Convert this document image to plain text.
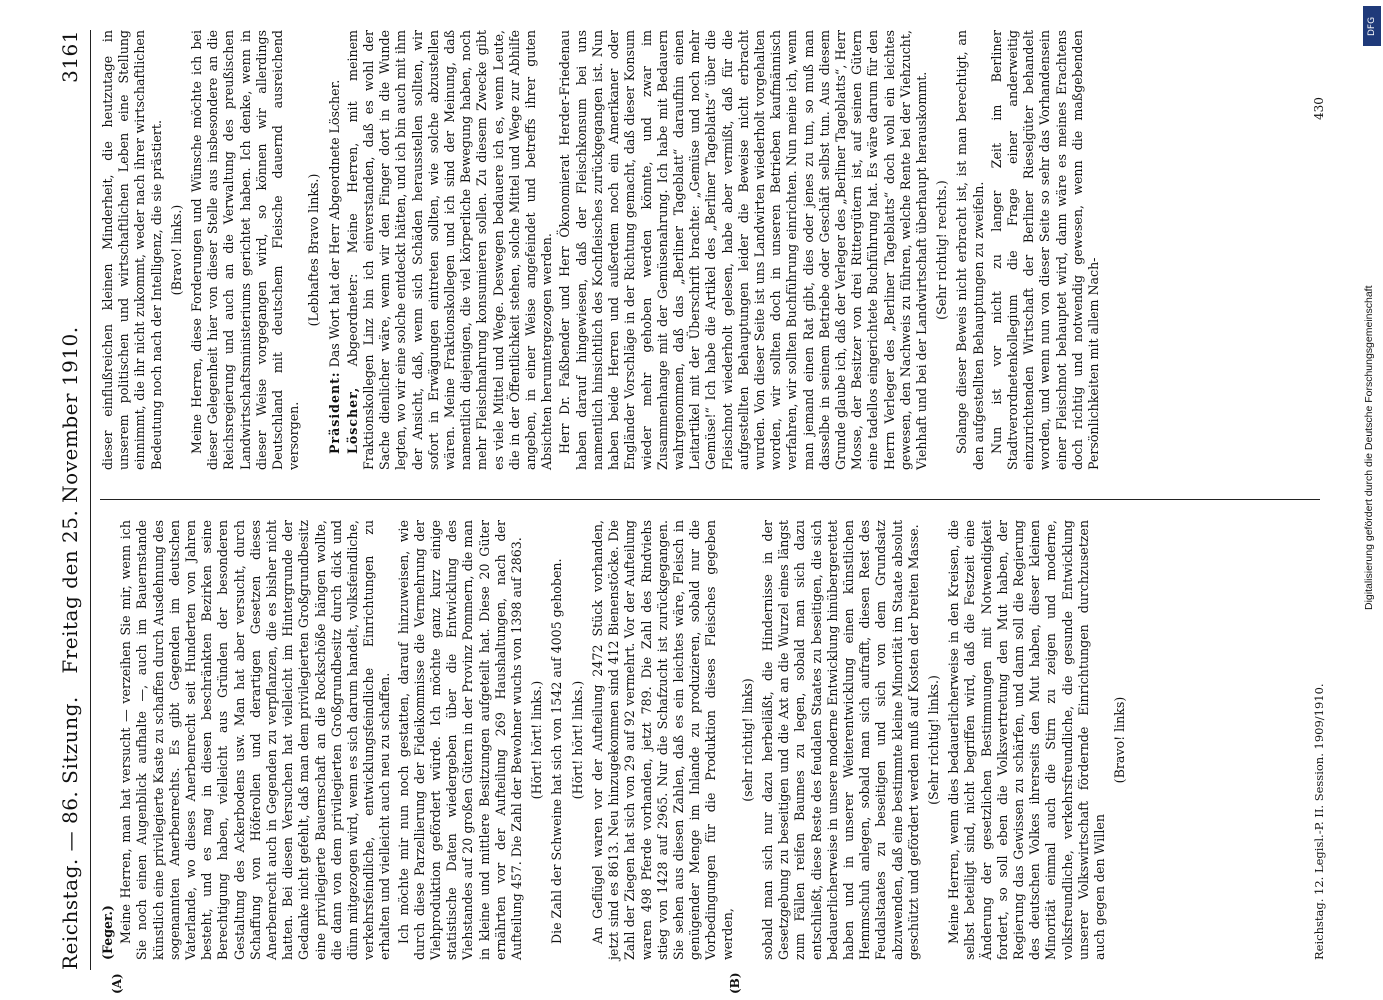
Reichstag. — 86. Sitzung.
Freitag den 25. November 1910.
3161
(A)	(B)

(Feger.) Meine Herren, man hat versucht — verzeihen Sie mir, wenn ich Sie noch einen Augenblick aufhalte —, auch im Bauernstande künstlich eine privilegierte Kaste zu schaffen durch Ausdehnung des sogenannten Anerbenrechts. Es gibt Gegenden im deutschen Vaterlande, wo dieses Anerbenrecht seit Hunderten von Jahren besteht, und es mag in diesen beschränkten Bezirken seine Berechtigung haben, vielleicht aus Gründen der besonderen Gestaltung des Ackerbodens usw. Man hat aber versucht, durch Schaffung von Höferollen und derartigen Gesetzen dieses Anerbenrecht auch in Gegenden zu verpflanzen, die es bisher nicht hatten. Bei diesen Versuchen hat vielleicht im Hintergrunde der Gedanke nicht gefehlt, daß man dem privilegierten Großgrundbesitz eine privilegierte Bauernschaft an die Rockschöße hängen wollte, die dann von dem privilegierten Großgrundbesitz durch dick und dünn mitgezogen wird, wenn es sich darum handelt, volksfeindliche, verkehrsfeindliche, entwicklungsfeindliche Einrichtungen zu erhalten und vielleicht auch neu zu schaffen. Ich möchte mir nun noch gestatten, darauf hinzuweisen, wie durch diese Parzellierung der Fideikommisse die Vermehrung der Viehproduktion gefördert würde. Ich möchte ganz kurz einige statistische Daten wiedergeben über die Entwicklung des Viehstandes auf 20 großen Gütern in der Provinz Pommern, die man in kleine und mittlere Besitzungen aufgeteilt hat. Diese 20 Güter ernährten vor der Aufteilung 269 Haushaltungen, nach der Aufteilung 457. Die Zahl der Bewohner wuchs von 1398 auf 2863. (Hört! hört! links.) Die Zahl der Schweine hat sich von 1542 auf 4005 gehoben. (Hört! hört! links.) An Geflügel waren vor der Aufteilung 2472 Stück vorhanden, jetzt sind es 8613. Neu hinzugekommen sind 412 Bienenstöcke. Die Zahl der Ziegen hat sich von 29 auf 92 vermehrt. Vor der Aufteilung waren 498 Pferde vorhanden, jetzt 789. Die Zahl des Rindviehs stieg von 1428 auf 2965. Nur die Schafzucht ist zurückgegangen. Sie sehen aus diesen Zahlen, daß es ein leichtes wäre, Fleisch in genügender Menge im Inlande zu produzieren, sobald nur die Vorbedingungen für die Produktion dieses Fleisches gegeben werden,

(sehr richtig! links) sobald man sich nur dazu herbeiläßt, die Hindernisse in der Gesetzgebung zu beseitigen und die Axt an die Wurzel eines längst zum Fällen reifen Baumes zu legen, sobald man sich dazu entschließt, diese Reste des feudalen Staates zu beseitigen, die sich bedauerlicherweise in unsere moderne Entwicklung hinübergerettet haben und in unserer Weiterentwicklung einen künstlichen Hemmschuh anlegen, sobald man sich aufrafft, diesen Rest des Feudalstaates zu beseitigen und sich von dem Grundsatz abzuwenden, daß eine bestimmte kleine Minorität im Staate absolut geschützt und gefördert werden muß auf Kosten der breiten Masse. (Sehr richtig! links.) Meine Herren, wenn dies bedauerlicherweise in den Kreisen, die selbst beteiligt sind, nicht begriffen wird, daß die Festzeit eine Änderung der gesetzlichen Bestimmungen mit Notwendigkeit fordert, so soll eben die Volksvertretung den Mut haben, der Regierung das Gewissen zu schärfen, und dann soll die Regierung des deutschen Volkes ihrerseits den Mut haben, dieser kleinen Minorität einmal auch die Stirn zu zeigen und moderne, volksfreundliche, verkehrsfreundliche, die gesunde Entwicklung unserer Volkswirtschaft fördernde Einrichtungen durchzusetzen auch gegen den Willen

(Bravo! links)

dieser einflußreichen kleinen Minderheit, die heutzutage in unserem politischen und wirtschaftlichen Leben eine Stellung einnimmt, die ihr nicht zukommt, weder nach ihrer wirtschaftlichen Bedeutung noch nach der Intelligenz, die sie prästiert. (Bravo! links.) Meine Herren, diese Forderungen und Wünsche möchte ich bei dieser Gelegenheit hier von dieser Stelle aus insbesondere an die Reichsregierung und auch an die Verwaltung des preußischen Landwirtschaftsministeriums gerichtet haben. Ich denke, wenn in dieser Weise vorgegangen wird, so können wir allerdings Deutschland mit deutschem Fleische dauernd ausreichend versorgen.

(Lebhaftes Bravo links.)

Präsident: Das Wort hat der Herr Abgeordnete Löscher.

Löscher, Abgeordneter: Meine Herren, mit meinem Fraktionskollegen Linz bin ich einverstanden, daß es wohl der Sache dienlicher wäre, wenn wir den Finger dort in die Wunde legten, wo wir eine solche entdeckt hätten, und ich bin auch mit ihm der Ansicht, daß, wenn sich Schäden herausstellen sollten, wir sofort in Erwägungen eintreten sollten, wie solche abzustellen wären. Meine Fraktionskollegen und ich sind der Meinung, daß namentlich diejenigen, die viel körperliche Bewegung haben, noch mehr Fleischnahrung konsumieren sollen. Zu diesem Zwecke gibt es viele Mittel und Wege. Deswegen bedauere ich es, wenn Leute, die in der Öffentlichkeit stehen, solche Mittel und Wege zur Abhilfe angeben, in einer Weise angefeindet und betreffs ihrer guten Absichten herumtergezogen werden. Herr Dr. Faßbender und Herr Ökonomierat Herder-Friedenau haben darauf hingewiesen, daß der Fleischkonsum bei uns namentlich hinsichtlich des Kochfleisches zurückgegangen ist. Nun haben beide Herren und außerdem noch ein Amerikaner oder Engländer Vorschläge in der Richtung gemacht, daß dieser Konsum wieder mehr gehoben werden könnte, und zwar im Zusammenhange mit der Gemüsenahrung. Ich habe mit Bedauern wahrgenommen, daß das „Berliner Tageblatt“ daraufhin einen Leitartikel mit der Überschrift brachte: „Gemüse und noch mehr Gemüse!“ Ich habe die Artikel des „Berliner Tageblatts“ über die Fleischnot wiederholt gelesen, habe aber vermißt, daß für die aufgestellten Behauptungen leider die Beweise nicht erbracht wurden. Von dieser Seite ist uns Landwirten wiederholt vorgehalten worden, wir sollten doch in unseren Betrieben kaufmännisch verfahren, wir sollten Buchführung einrichten. Nun meine ich, wenn man jemand einen Rat gibt, dies oder jenes zu tun, so muß man dasselbe in seinem Betriebe oder Geschäft selbst tun. Aus diesem Grunde glaube ich, daß der Verleger des „Berliner Tageblatts“, Herr Mosse, der Besitzer von drei Rittergütern ist, auf seinen Gütern eine tadellos eingerichtete Buchführung hat. Es wäre darum für den Herrn Verleger des „Berliner Tageblatts“ doch wohl ein leichtes gewesen, den Nachweis zu führen, welche Rente bei der Viehzucht, Viehhaft und bei der Landwirtschaft überhaupt herauskommt. (Sehr richtig! rechts.) Solange dieser Beweis nicht erbracht ist, ist man berechtigt, an den aufgestellten Behauptungen zu zweifeln. Nun ist vor nicht zu langer Zeit im Berliner Stadtverordnetenkollegium die Frage einer anderweitig einzurichtenden Wirtschaft der Berliner Rieselgüter behandelt worden, und wenn nun von dieser Seite so sehr das Vorhandensein einer Fleischnot behauptet wird, dann wäre es meines Erachtens doch richtig und notwendig gewesen, wenn die maßgebenden Persönlichkeiten mit allem Nach-

Reichstag. 12. Legisl.-P. II. Session. 1909/1910.
430
DFG
Digitalisierung gefördert durch die Deutsche Forschungsgemeinschaft
